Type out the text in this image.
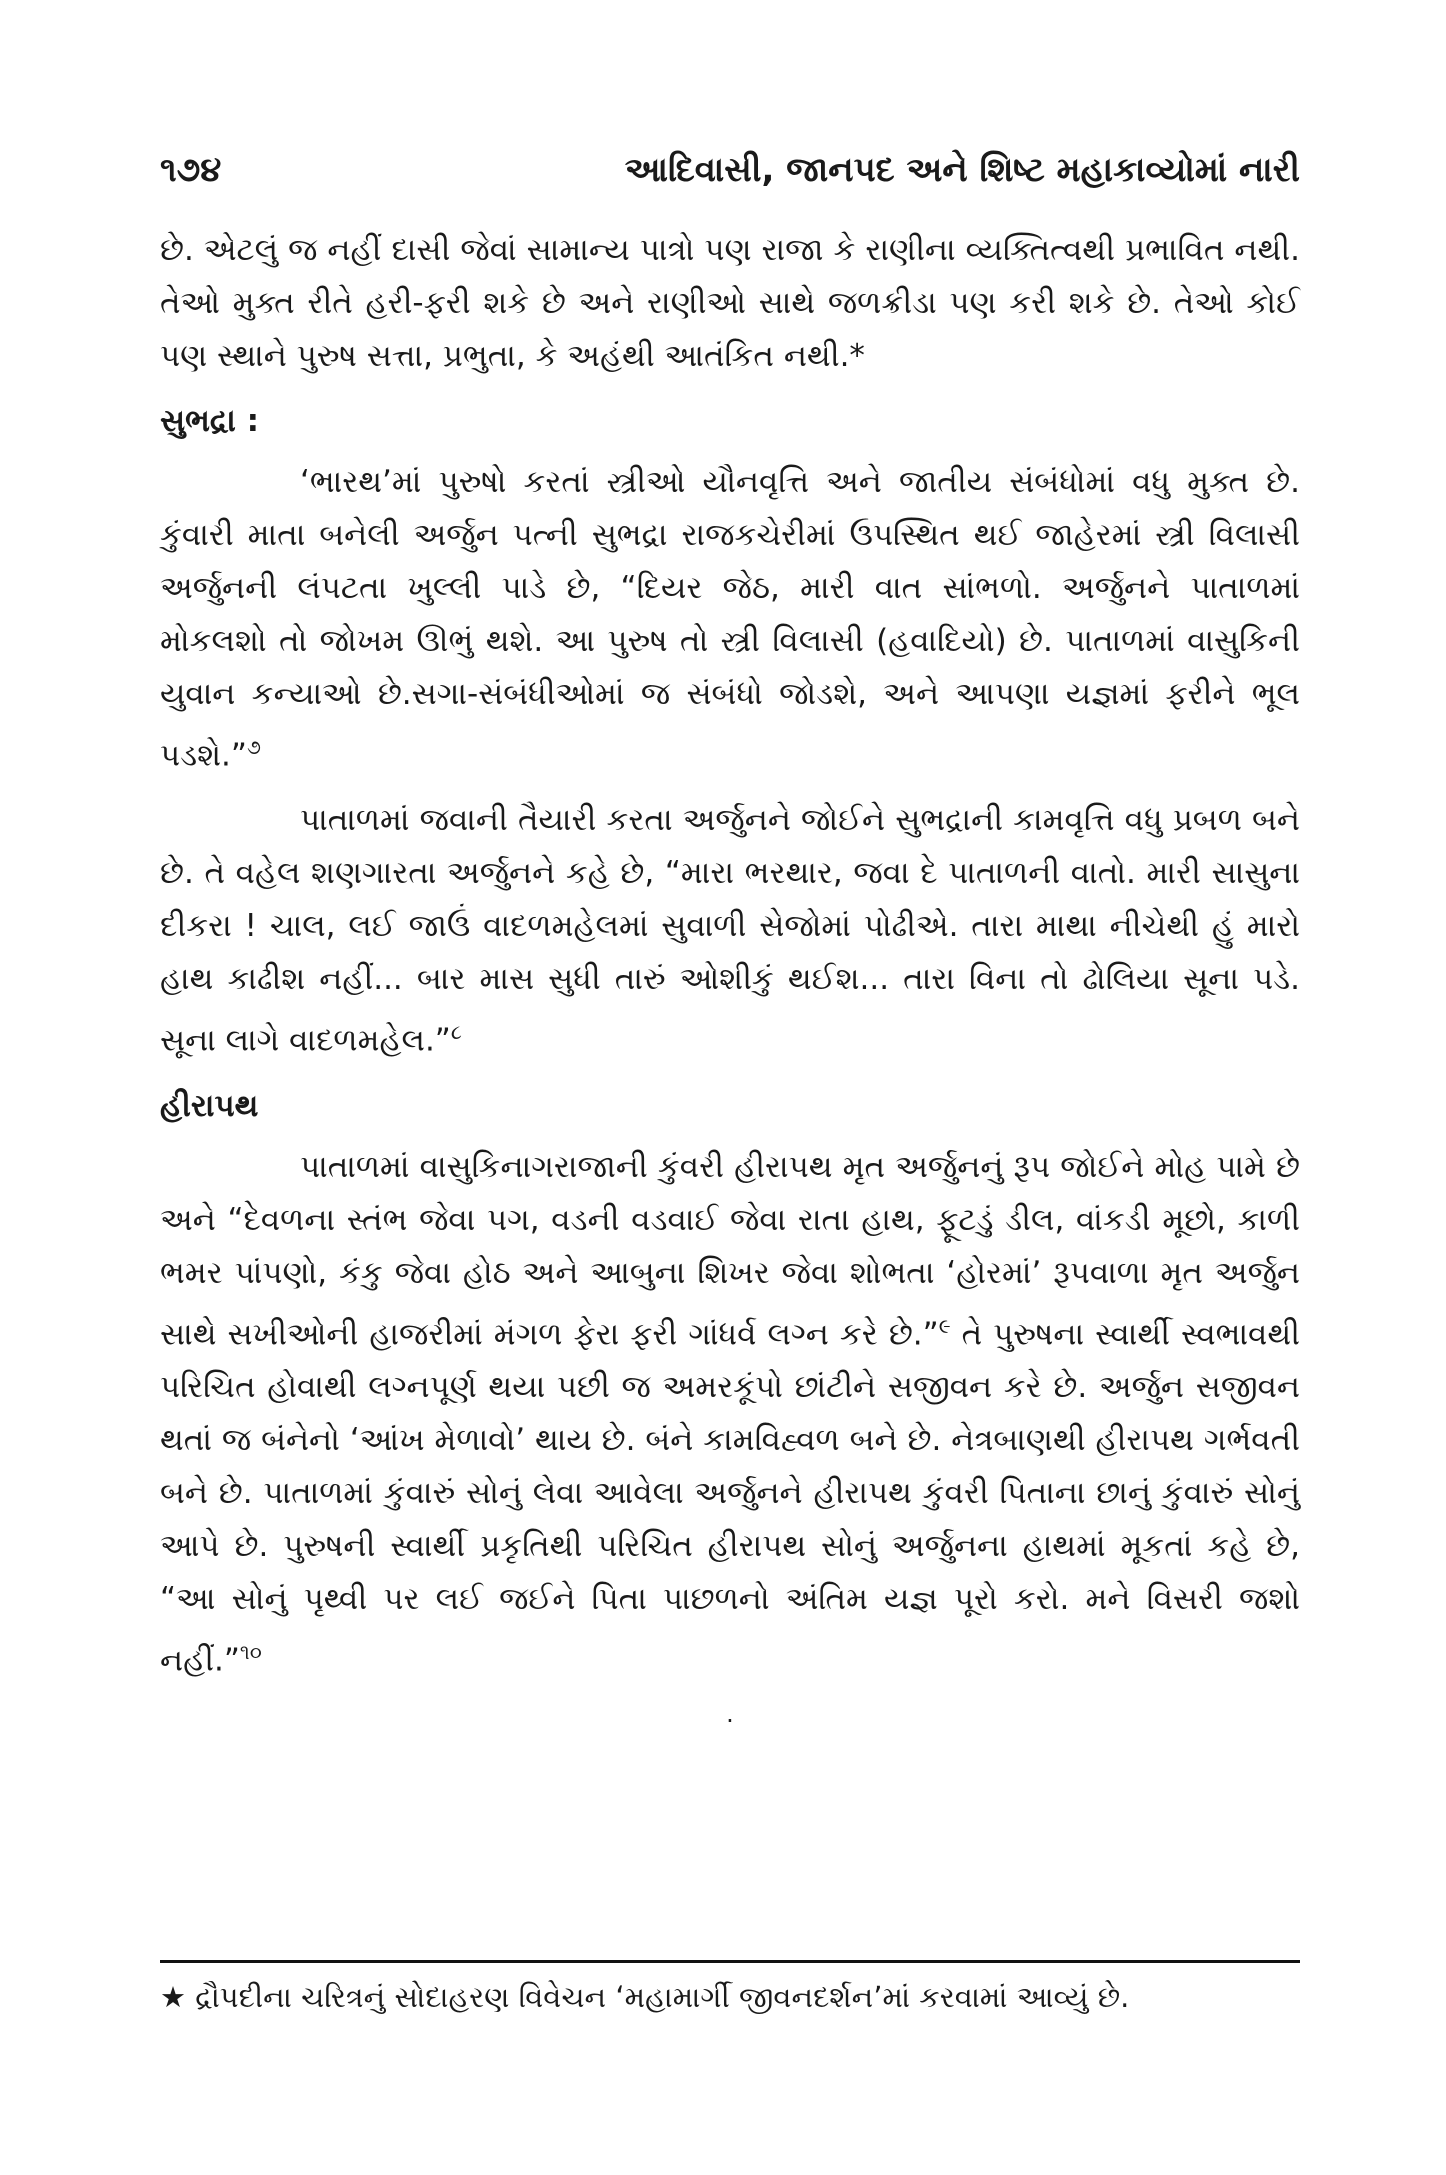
૧૭૪	આદિવાસી, જાનપદ અને શિષ્ટ મહાકાવ્યોમાં નારી

છે. એટલું જ નહીં દાસી જેવાં સામાન્ય પાત્રો પણ રાજા કે રાણીના વ્યક્તિત્વથી પ્રભાવિત નથી. તેઓ મુક્ત રીતે હરી-ફરી શકે છે અને રાણીઓ સાથે જળક્રીડા પણ કરી શકે છે. તેઓ કોઈ પણ સ્થાને પુરુષ સત્તા, પ્રભુતા, કે અહંથી આતંકિત નથી.*

સુભદ્રા :

‘ભારથ’માં પુરુષો કરતાં સ્ત્રીઓ યૌનવૃત્તિ અને જાતીય સંબંધોમાં વધુ મુક્ત છે. કુંવારી માતા બનેલી અર્જુન પત્ની સુભદ્રા રાજકચેરીમાં ઉપસ્થિત થઈ જાહેરમાં સ્ત્રી વિલાસી અર્જુનની લંપટતા ખુલ્લી પાડે છે, “દિયર જેઠ, મારી વાત સાંભળો. અર્જુનને પાતાળમાં મોકલશો તો જોખમ ઊભું થશે. આ પુરુષ તો સ્ત્રી વિલાસી (હવાદિયો) છે. પાતાળમાં વાસુકિની યુવાન કન્યાઓ છે.સગા-સંબંધીઓમાં જ સંબંધો જોડશે, અને આપણા યજ્ઞમાં ફરીને ભૂલ પડશે.”$^૭$

પાતાળમાં જવાની તૈયારી કરતા અર્જુનને જોઈને સુભદ્રાની કામવૃત્તિ વધુ પ્રબળ બને છે. તે વહેલ શણગારતા અર્જુનને કહે છે, “મારા ભરથાર, જવા દે પાતાળની વાતો. મારી સાસુના દીકરા ! ચાલ, લઈ જાઉં વાદળમહેલમાં સુવાળી સેજોમાં પોઢીએ. તારા માથા નીચેથી હું મારો હાથ કાઢીશ નહીં... બાર માસ સુધી તારું ઓશીકું થઈશ... તારા વિના તો ઢોલિયા સૂના પડે. સૂના લાગે વાદળમહેલ.”$^૮$

હીરાપથ

પાતાળમાં વાસુકિનાગરાજાની કુંવરી હીરાપથ મૃત અર્જુનનું રૂપ જોઈને મોહ પામે છે અને “દેવળના સ્તંભ જેવા પગ, વડની વડવાઈ જેવા રાતા હાથ, ફૂટડું ડીલ, વાંકડી મૂછો, કાળી ભમર પાંપણો, કંકુ જેવા હોઠ અને આબુના શિખર જેવા શોભતા ‘હોરમાં’ રૂપવાળા મૃત અર્જુન સાથે સખીઓની હાજરીમાં મંગળ ફેરા ફરી ગાંધર્વ લગ્ન કરે છે.”$^૯$ તે પુરુષના સ્વાર્થી સ્વભાવથી પરિચિત હોવાથી લગ્નપૂર્ણ થયા પછી જ અમરકૂંપો છાંટીને સજીવન કરે છે. અર્જુન સજીવન થતાં જ બંનેનો ‘આંખ મેળાવો’ થાય છે. બંને કામવિહ્વળ બને છે. નેત્રબાણથી હીરાપથ ગર્ભવતી બને છે. પાતાળમાં કુંવારું સોનું લેવા આવેલા અર્જુનને હીરાપથ કુંવરી પિતાના છાનું કુંવારું સોનું આપે છે. પુરુષની સ્વાર્થી પ્રકૃતિથી પરિચિત હીરાપથ સોનું અર્જુનના હાથમાં મૂકતાં કહે છે, “આ સોનું પૃથ્વી પર લઈ જઈને પિતા પાછળનો અંતિમ યજ્ઞ પૂરો કરો. મને વિસરી જશો નહીં.”$^{૧૦}$

·
★ દ્રૌપદીના ચરિત્રનું સોદાહરણ વિવેચન ‘મહામાર્ગી જીવનદર્શન’માં કરવામાં આવ્યું છે.
